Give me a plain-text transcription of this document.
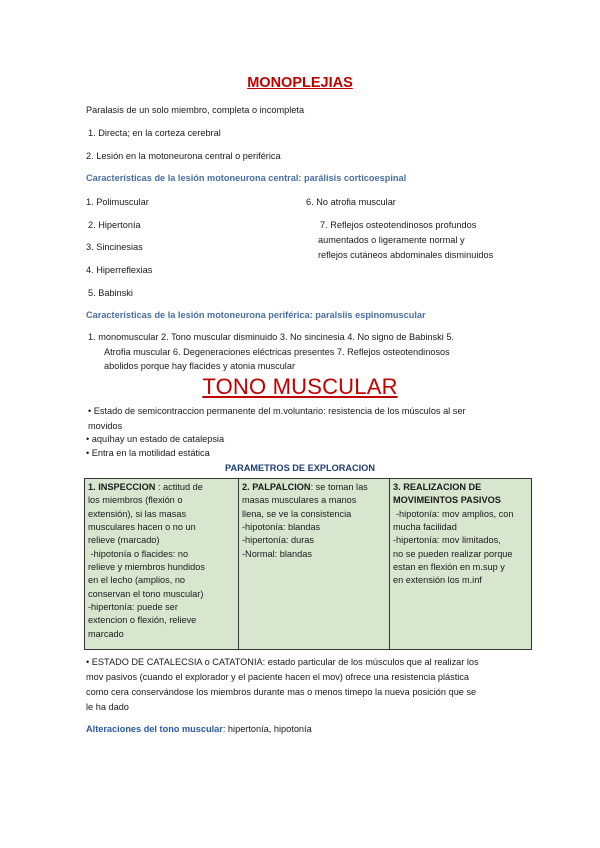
MONOPLEJIAS
Paralasis de un solo miembro, completa o incompleta
1. Directa; en la corteza cerebral
2. Lesión en la motoneurona central o periférica
Características de la lesión motoneurona central: parálisis corticoespinal
1. Polimuscular
2. Hipertonía
3. Sincinesias
4. Hiperreflexias
5. Babinski
6. No atrofia muscular
7. Reflejos osteotendinosos profundos
aumentados o ligeramente normal y
reflejos cutáneos abdominales disminuidos
Características de la lesión motoneurona periférica: paralsiis espinomuscular
1. monomuscular 2. Tono muscular disminuido 3. No sincinesia 4. No signo de Babinski 5.
Atrofia muscular 6. Degeneraciones eléctricas presentes 7. Reflejos osteotendinosos
abolidos porque hay flacides y atonia muscular
TONO MUSCULAR
• Estado de semicontraccion permanente del m.voluntario: resistencia de los músculos al ser
movidos
• aquíhay un estado de catalepsia
• Entra en la motilidad estática
PARAMETROS DE EXPLORACION
1. INSPECCION : actitud de
los miembros (flexión o
extensión), si las masas
musculares hacen o no un
relieve (marcado)
-hipotonía o flacides: no
relieve y miembros hundidos
en el lecho (amplios, no
conservan el tono muscular)
-hipertonía: puede ser
extencion o flexión, relieve
marcado

2. PALPALCION: se toman las
masas musculares a manos
llena, se ve la consistencia
-hipotonía: blandas
-hipertonía: duras
-Normal: blandas

3. REALIZACION DE
MOVIMEINTOS PASIVOS
-hipotonía: mov amplios, con
mucha facilidad
-hipertonía: mov limitados,
no se pueden realizar porque
estan en flexión en m.sup y
en extensión los m.inf
• ESTADO DE CATALECSIA o CATATONIA: estado particular de los músculos que al realizar los
mov pasivos (cuando el explorador y el paciente hacen el mov) ofrece una resistencia plástica
como cera conservándose los miembros durante mas o menos timepo la nueva posición que se
le ha dado
Alteraciones del tono muscular: hipertonía, hipotonía
